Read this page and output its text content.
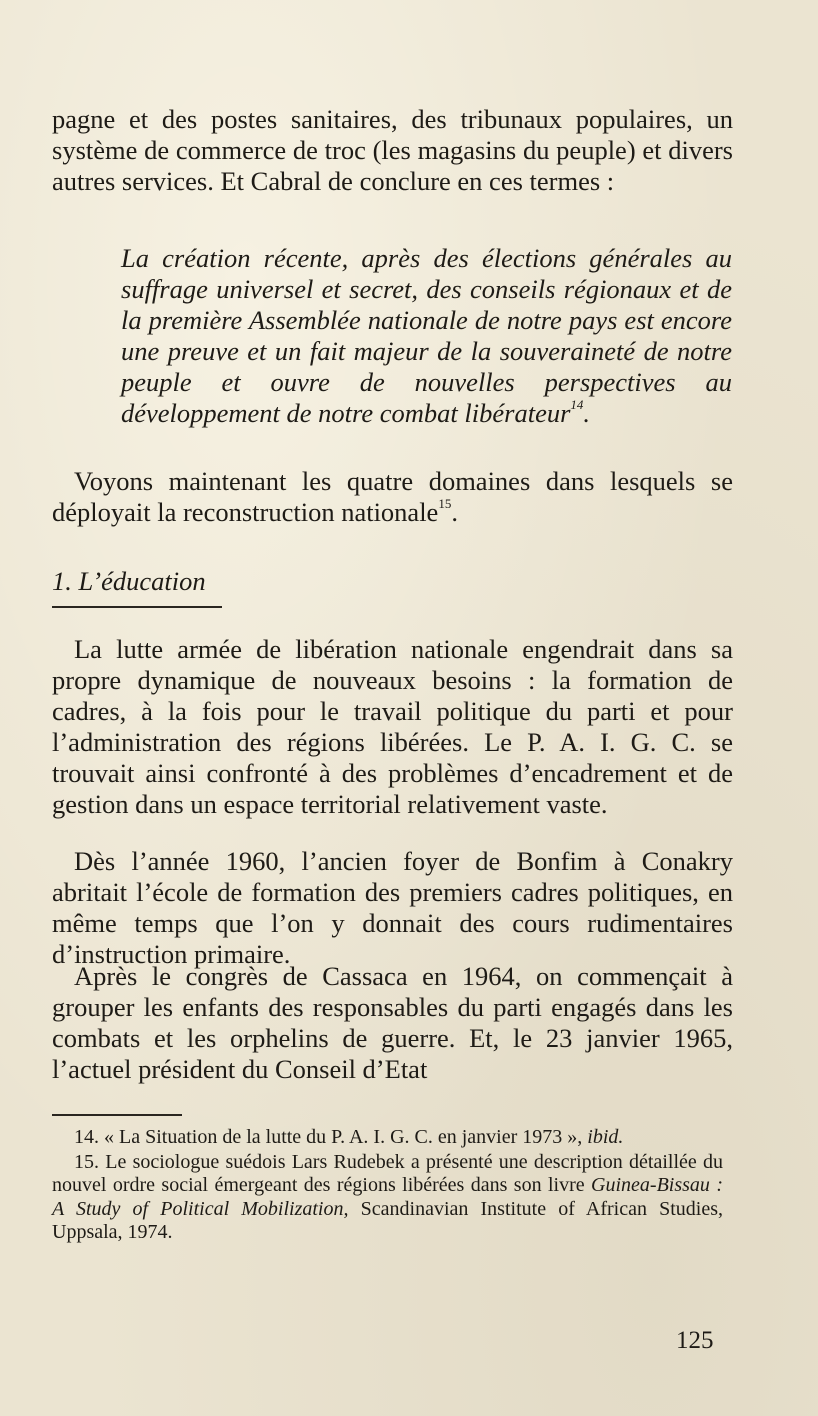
pagne et des postes sanitaires, des tribunaux populaires, un système de commerce de troc (les magasins du peuple) et divers autres services. Et Cabral de conclure en ces termes :

La création récente, après des élections générales au suffrage universel et secret, des conseils régionaux et de la première Assemblée nationale de notre pays est encore une preuve et un fait majeur de la souveraineté de notre peuple et ouvre de nouvelles perspectives au développement de notre combat libérateur$^{14}$.

Voyons maintenant les quatre domaines dans lesquels se déployait la reconstruction nationale$^{15}$.

1. L’éducation

La lutte armée de libération nationale engendrait dans sa propre dynamique de nouveaux besoins : la formation de cadres, à la fois pour le travail politique du parti et pour l’administration des régions libérées. Le P. A. I. G. C. se trouvait ainsi confronté à des problèmes d’encadrement et de gestion dans un espace territorial relativement vaste.

Dès l’année 1960, l’ancien foyer de Bonfim à Conakry abritait l’école de formation des premiers cadres politiques, en même temps que l’on y donnait des cours rudimentaires d’instruction primaire.

Après le congrès de Cassaca en 1964, on commençait à grouper les enfants des responsables du parti engagés dans les combats et les orphelins de guerre. Et, le 23 janvier 1965, l’actuel président du Conseil d’Etat

14. « La Situation de la lutte du P. A. I. G. C. en janvier 1973 », ibid.

15. Le sociologue suédois Lars Rudebek a présenté une description détaillée du nouvel ordre social émergeant des régions libérées dans son livre Guinea-Bissau : A Study of Political Mobilization, Scandinavian Institute of African Studies, Uppsala, 1974.

125
